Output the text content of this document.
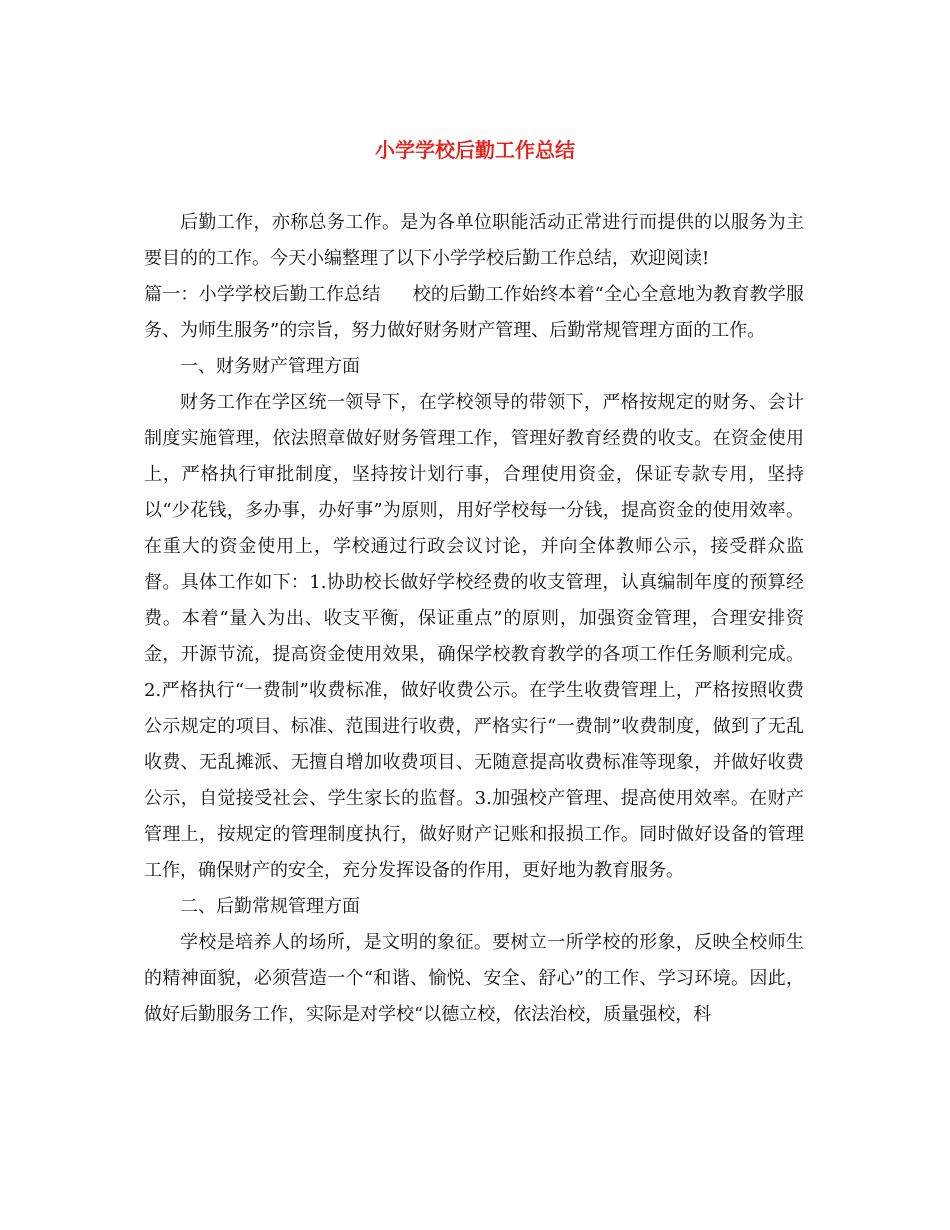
小学学校后勤工作总结

后勤工作，亦称总务工作。是为各单位职能活动正常进行而提供的以服务为主要目的的工作。今天小编整理了以下小学学校后勤工作总结，欢迎阅读!

篇一：小学学校后勤工作总结 校的后勤工作始终本着“全心全意地为教育教学服务、为师生服务”的宗旨，努力做好财务财产管理、后勤常规管理方面的工作。

一、财务财产管理方面

财务工作在学区统一领导下，在学校领导的带领下，严格按规定的财务、会计制度实施管理，依法照章做好财务管理工作，管理好教育经费的收支。在资金使用上，严格执行审批制度，坚持按计划行事，合理使用资金，保证专款专用，坚持以“少花钱，多办事，办好事”为原则，用好学校每一分钱，提高资金的使用效率。在重大的资金使用上，学校通过行政会议讨论，并向全体教师公示，接受群众监督。具体工作如下：1.协助校长做好学校经费的收支管理，认真编制年度的预算经费。本着“量入为出、收支平衡，保证重点”的原则，加强资金管理，合理安排资金，开源节流，提高资金使用效果，确保学校教育教学的各项工作任务顺利完成。2.严格执行“一费制”收费标准，做好收费公示。在学生收费管理上，严格按照收费公示规定的项目、标准、范围进行收费，严格实行“一费制”收费制度，做到了无乱收费、无乱摊派、无擅自增加收费项目、无随意提高收费标准等现象，并做好收费公示，自觉接受社会、学生家长的监督。3.加强校产管理、提高使用效率。在财产管理上，按规定的管理制度执行，做好财产记账和报损工作。同时做好设备的管理工作，确保财产的安全，充分发挥设备的作用，更好地为教育服务。

二、后勤常规管理方面

学校是培养人的场所，是文明的象征。要树立一所学校的形象，反映全校师生的精神面貌，必须营造一个“和谐、愉悦、安全、舒心”的工作、学习环境。因此，做好后勤服务工作，实际是对学校“以德立校，依法治校，质量强校，科
